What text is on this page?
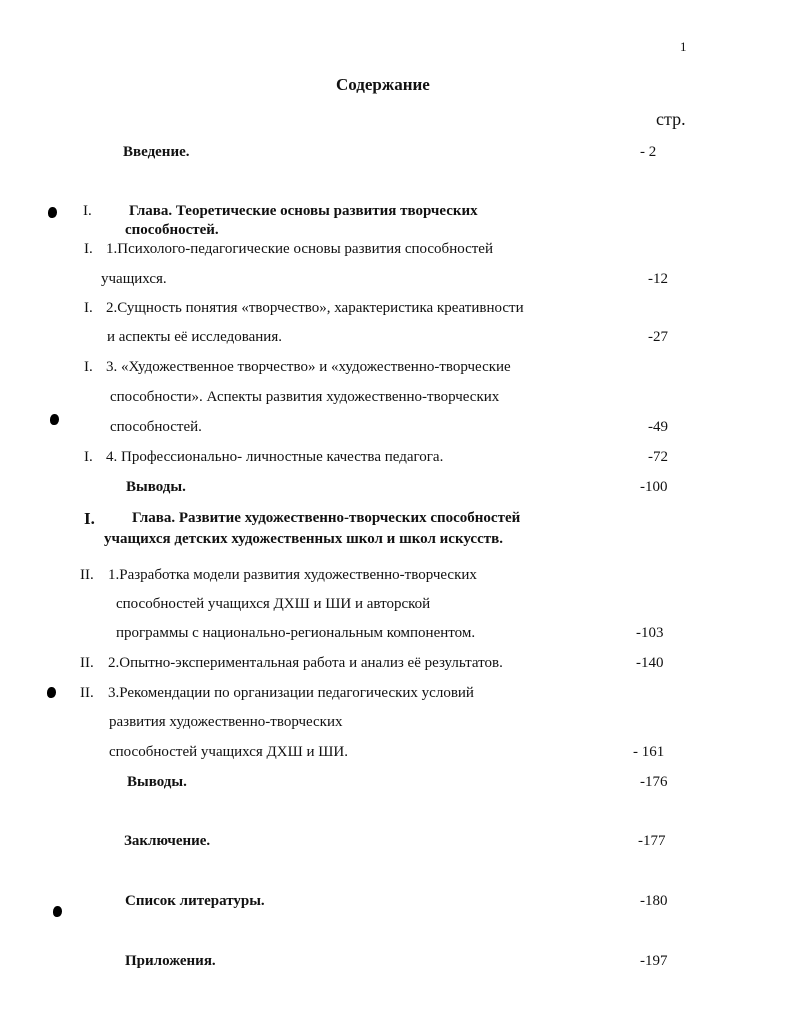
1
Содержание
стр.
Введение.	- 2
I. Глава. Теоретические основы развития творческих
способностей.
I. 1.Психолого-педагогические основы развития способностей
учащихся.	-12
I. 2.Сущность понятия «творчество», характеристика креативности
и аспекты её исследования.	-27
I. 3. «Художественное творчество» и «художественно-творческие
способности». Аспекты развития художественно-творческих
способностей.	-49
I. 4. Профессионально- личностные качества педагога.	-72
Выводы.	-100
I. Глава. Развитие художественно-творческих способностей
учащихся детских художественных школ и школ искусств.
II. 1.Разработка модели развития художественно-творческих
способностей учащихся ДХШ и ШИ и авторской
программы с национально-региональным компонентом.	-103
II. 2.Опытно-экспериментальная работа и анализ её результатов.	-140
II. 3.Рекомендации по организации педагогических условий
развития художественно-творческих
способностей учащихся ДХШ и ШИ.	- 161
Выводы.	-176
Заключение.	-177
Список литературы.	-180
Приложения.	-197
